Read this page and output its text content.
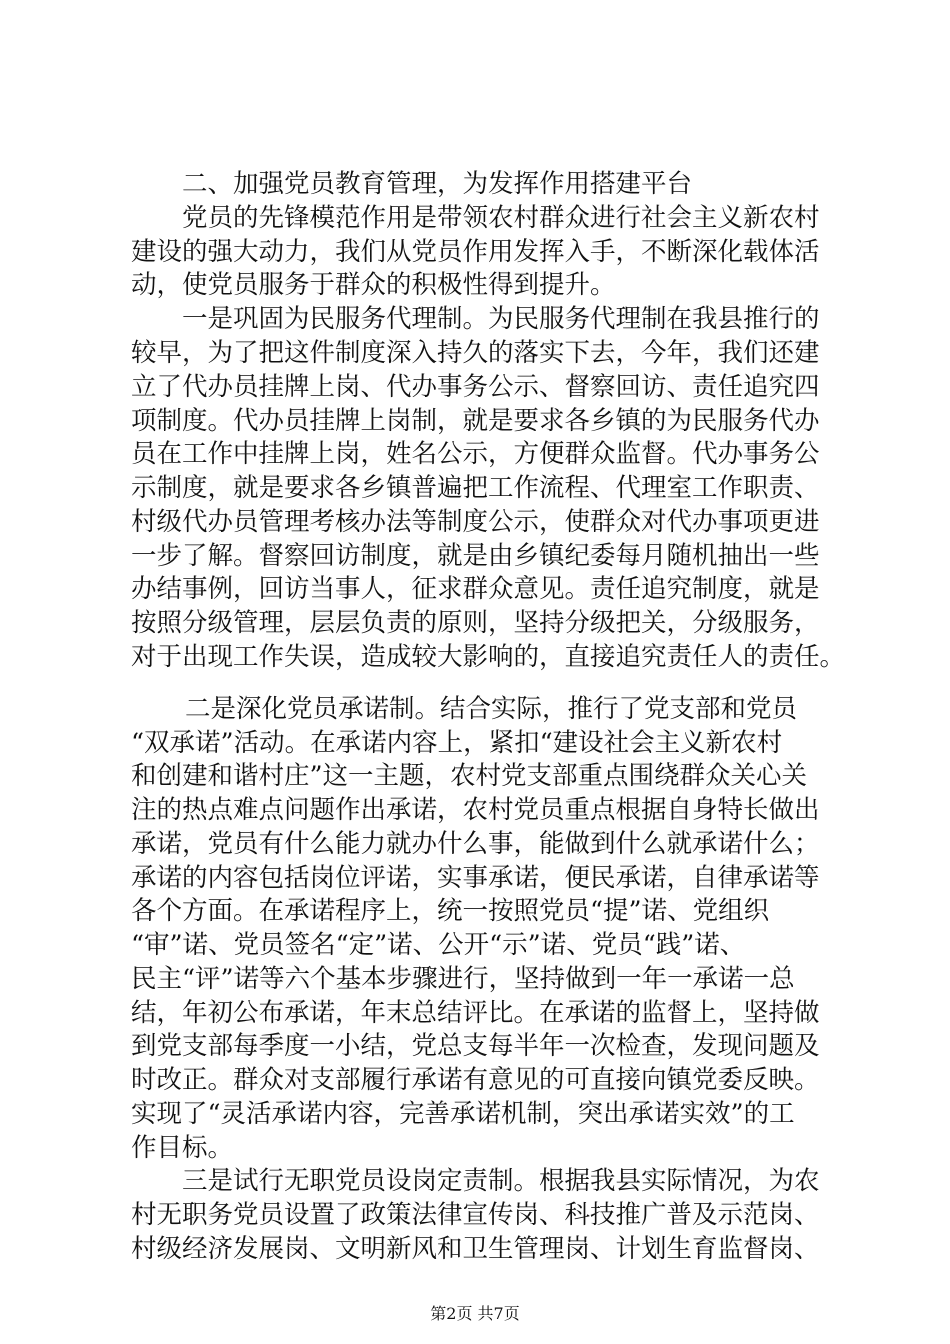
二、加强党员教育管理，为发挥作用搭建平台
党员的先锋模范作用是带领农村群众进行社会主义新农村
建设的强大动力，我们从党员作用发挥入手，不断深化载体活
动，使党员服务于群众的积极性得到提升。
一是巩固为民服务代理制。为民服务代理制在我县推行的
较早，为了把这件制度深入持久的落实下去，今年，我们还建
立了代办员挂牌上岗、代办事务公示、督察回访、责任追究四
项制度。代办员挂牌上岗制，就是要求各乡镇的为民服务代办
员在工作中挂牌上岗，姓名公示，方便群众监督。代办事务公
示制度，就是要求各乡镇普遍把工作流程、代理室工作职责、
村级代办员管理考核办法等制度公示，使群众对代办事项更进
一步了解。督察回访制度，就是由乡镇纪委每月随机抽出一些
办结事例，回访当事人，征求群众意见。责任追究制度，就是
按照分级管理，层层负责的原则，坚持分级把关，分级服务，
对于出现工作失误，造成较大影响的，直接追究责任人的责任。
二是深化党员承诺制。结合实际，推行了党支部和党员
“双承诺”活动。在承诺内容上，紧扣“建设社会主义新农村
和创建和谐村庄”这一主题，农村党支部重点围绕群众关心关
注的热点难点问题作出承诺，农村党员重点根据自身特长做出
承诺，党员有什么能力就办什么事，能做到什么就承诺什么；
承诺的内容包括岗位评诺，实事承诺，便民承诺，自律承诺等
各个方面。在承诺程序上，统一按照党员“提”诺、党组织
“审”诺、党员签名“定”诺、公开“示”诺、党员“践”诺、
民主“评”诺等六个基本步骤进行，坚持做到一年一承诺一总
结，年初公布承诺，年末总结评比。在承诺的监督上，坚持做
到党支部每季度一小结，党总支每半年一次检查，发现问题及
时改正。群众对支部履行承诺有意见的可直接向镇党委反映。
实现了“灵活承诺内容，完善承诺机制，突出承诺实效”的工
作目标。
三是试行无职党员设岗定责制。根据我县实际情况，为农
村无职务党员设置了政策法律宣传岗、科技推广普及示范岗、
村级经济发展岗、文明新风和卫生管理岗、计划生育监督岗、
第2页 共7页
